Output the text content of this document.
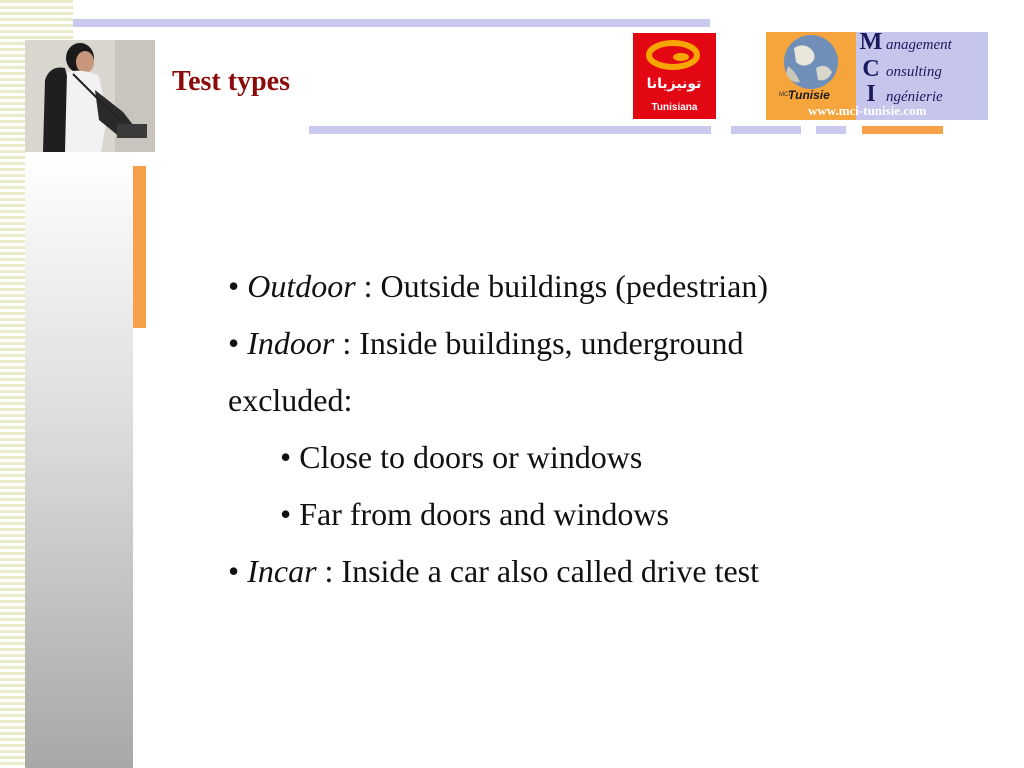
Test types	تونيزيانا
Tunisiana
MCI
Tunisie
M anagement
C onsulting
I ngénierie
www.mci-tunisie.com
• Outdoor : Outside buildings (pedestrian)
• Indoor : Inside buildings, underground
excluded:
• Close to doors or windows
• Far from doors and windows
• Incar : Inside a car also called drive test
